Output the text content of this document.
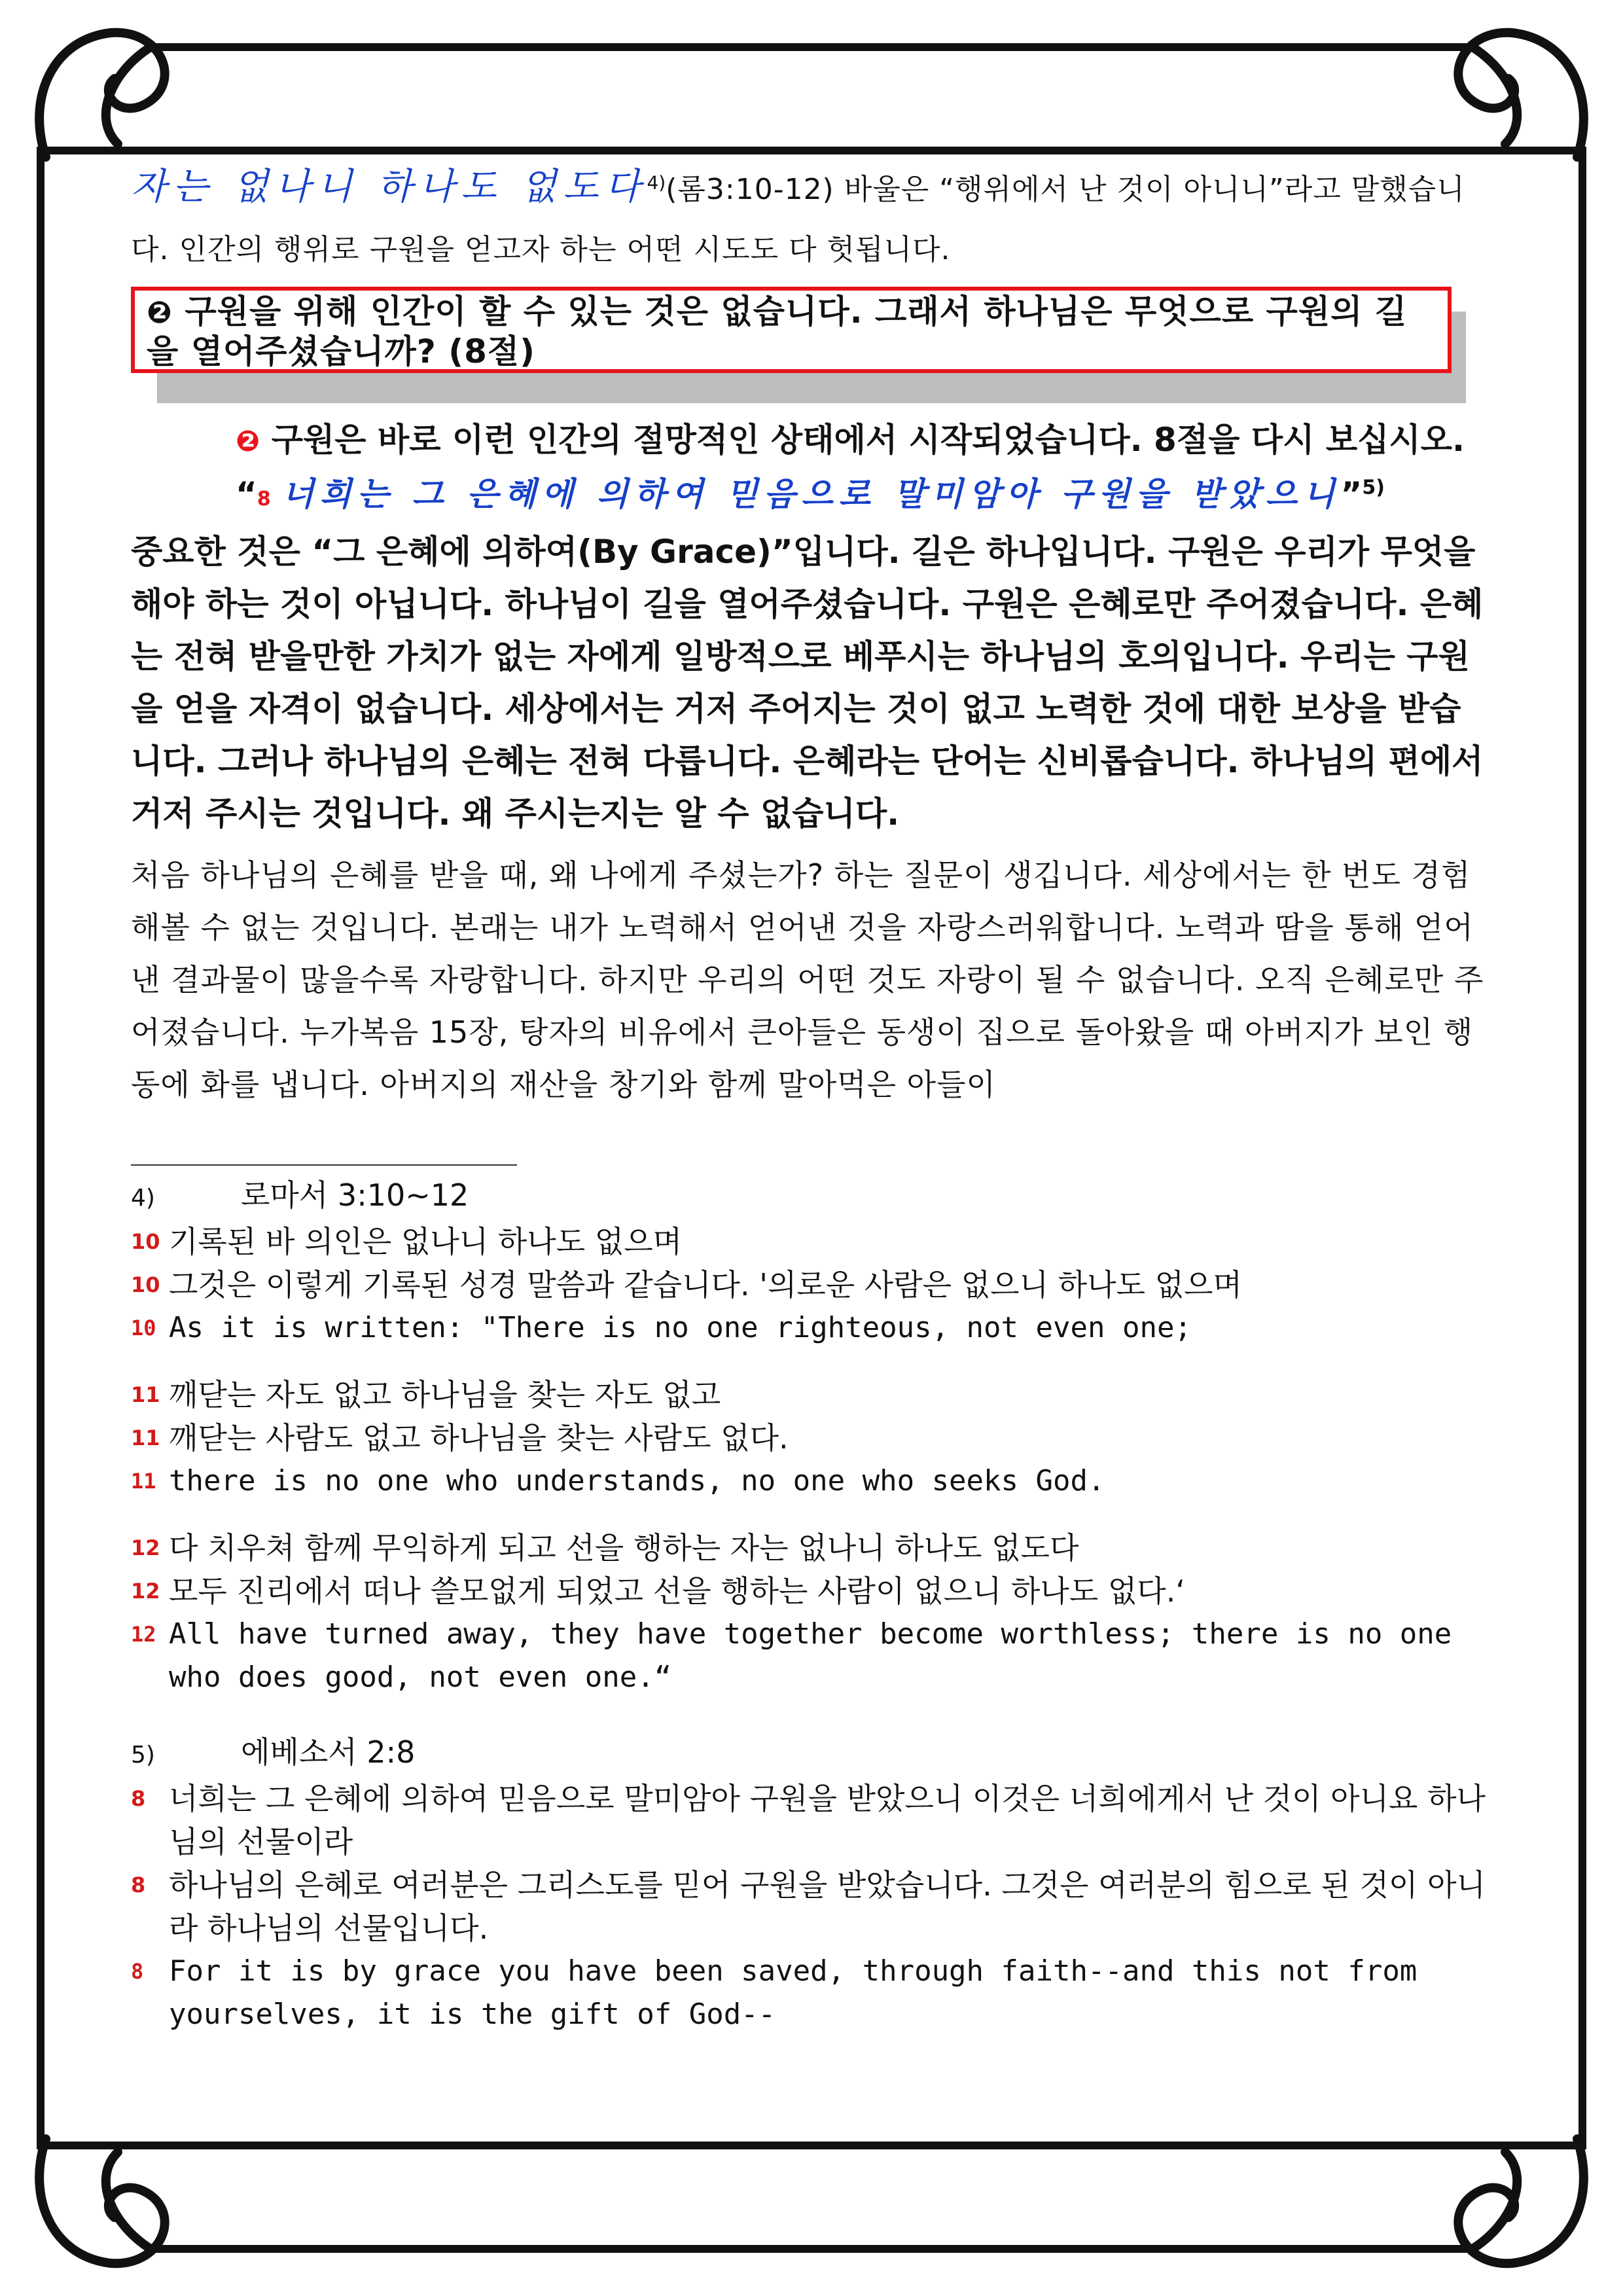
자는 없나니 하나도 없도다$^{4)}$(롬3:10-12) 바울은 “행위에서 난 것이 아니니”라고 말했습니다. 인간의 행위로 구원을 얻고자 하는 어떤 시도도 다 헛됩니다.
❷ 구원을 위해 인간이 할 수 있는 것은 없습니다. 그래서 하나님은 무엇으로 구원의 길을 열어주셨습니까? (8절)
❷ 구원은 바로 이런 인간의 절망적인 상태에서 시작되었습니다. 8절을 다시 보십시오. “8 너희는 그 은혜에 의하여 믿음으로 말미암아 구원을 받았으니”$^{5)}$
중요한 것은 “그 은혜에 의하여(By Grace)”입니다. 길은 하나입니다. 구원은 우리가 무엇을 해야 하는 것이 아닙니다. 하나님이 길을 열어주셨습니다. 구원은 은혜로만 주어졌습니다. 은혜는 전혀 받을만한 가치가 없는 자에게 일방적으로 베푸시는 하나님의 호의입니다. 우리는 구원을 얻을 자격이 없습니다. 세상에서는 거저 주어지는 것이 없고 노력한 것에 대한 보상을 받습니다. 그러나 하나님의 은혜는 전혀 다릅니다. 은혜라는 단어는 신비롭습니다. 하나님의 편에서 거저 주시는 것입니다. 왜 주시는지는 알 수 없습니다.
처음 하나님의 은혜를 받을 때, 왜 나에게 주셨는가? 하는 질문이 생깁니다. 세상에서는 한 번도 경험해볼 수 없는 것입니다. 본래는 내가 노력해서 얻어낸 것을 자랑스러워합니다. 노력과 땀을 통해 얻어낸 결과물이 많을수록 자랑합니다. 하지만 우리의 어떤 것도 자랑이 될 수 없습니다. 오직 은혜로만 주어졌습니다. 누가복음 15장, 탕자의 비유에서 큰아들은 동생이 집으로 돌아왔을 때 아버지가 보인 행동에 화를 냅니다. 아버지의 재산을 창기와 함께 말아먹은 아들이
4)	로마서 3:10~12
10 기록된 바 의인은 없나니 하나도 없으며
10 그것은 이렇게 기록된 성경 말씀과 같습니다. '의로운 사람은 없으니 하나도 없으며
10 As it is written: "There is no one righteous, not even one;
11 깨닫는 자도 없고 하나님을 찾는 자도 없고
11 깨닫는 사람도 없고 하나님을 찾는 사람도 없다.
11 there is no one who understands, no one who seeks God.
12 다 치우쳐 함께 무익하게 되고 선을 행하는 자는 없나니 하나도 없도다
12 모두 진리에서 떠나 쓸모없게 되었고 선을 행하는 사람이 없으니 하나도 없다.‘
12 All have turned away, they have together become worthless; there is no one who does good, not even one.“
5)	에베소서 2:8
8 너희는 그 은혜에 의하여 믿음으로 말미암아 구원을 받았으니 이것은 너희에게서 난 것이 아니요 하나님의 선물이라
8 하나님의 은혜로 여러분은 그리스도를 믿어 구원을 받았습니다. 그것은 여러분의 힘으로 된 것이 아니라 하나님의 선물입니다.
8 For it is by grace you have been saved, through faith--and this not from yourselves, it is the gift of God--
